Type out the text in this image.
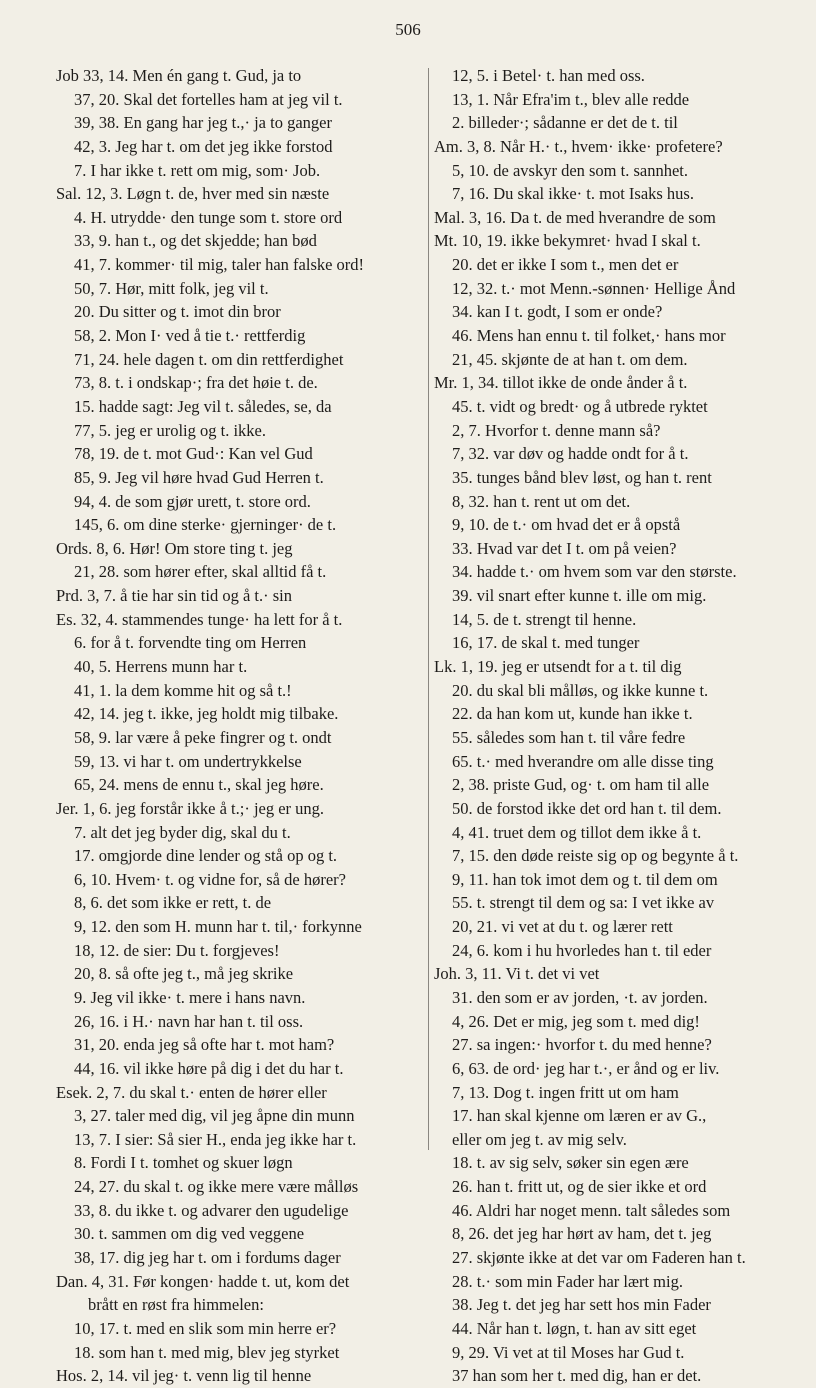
506
Job 33, 14. Men én gang t. Gud, ja to
37, 20. Skal det fortelles ham at jeg vil t.
39, 38. En gang har jeg t.,· ja to ganger
42, 3. Jeg har t. om det jeg ikke forstod
7. I har ikke t. rett om mig, som· Job.
Sal. 12, 3. Løgn t. de, hver med sin næste
4. H. utrydde· den tunge som t. store ord
33, 9. han t., og det skjedde; han bød
41, 7. kommer· til mig, taler han falske ord!
50, 7. Hør, mitt folk, jeg vil t.
20. Du sitter og t. imot din bror
58, 2. Mon I· ved å tie t.· rettferdig
71, 24. hele dagen t. om din rettferdighet
73, 8. t. i ondskap·; fra det høie t. de.
15. hadde sagt: Jeg vil t. således, se, da
77, 5. jeg er urolig og t. ikke.
78, 19. de t. mot Gud·: Kan vel Gud
85, 9. Jeg vil høre hvad Gud Herren t.
94, 4. de som gjør urett, t. store ord.
145, 6. om dine sterke· gjerninger· de t.
Ords. 8, 6. Hør! Om store ting t. jeg
21, 28. som hører efter, skal alltid få t.
Prd. 3, 7. å tie har sin tid og å t.· sin
Es. 32, 4. stammendes tunge· ha lett for å t.
6. for å t. forvendte ting om Herren
40, 5. Herrens munn har t.
41, 1. la dem komme hit og så t.!
42, 14. jeg t. ikke, jeg holdt mig tilbake.
58, 9. lar være å peke fingrer og t. ondt
59, 13. vi har t. om undertrykkelse
65, 24. mens de ennu t., skal jeg høre.
Jer. 1, 6. jeg forstår ikke å t.;· jeg er ung.
7. alt det jeg byder dig, skal du t.
17. omgjorde dine lender og stå op og t.
6, 10. Hvem· t. og vidne for, så de hører?
8, 6. det som ikke er rett, t. de
9, 12. den som H. munn har t. til,· forkynne
18, 12. de sier: Du t. forgjeves!
20, 8. så ofte jeg t., må jeg skrike
9. Jeg vil ikke· t. mere i hans navn.
26, 16. i H.· navn har han t. til oss.
31, 20. enda jeg så ofte har t. mot ham?
44, 16. vil ikke høre på dig i det du har t.
Esek. 2, 7. du skal t.· enten de hører eller
3, 27. taler med dig, vil jeg åpne din munn
13, 7. I sier: Så sier H., enda jeg ikke har t.
8. Fordi I t. tomhet og skuer løgn
24, 27. du skal t. og ikke mere være målløs
33, 8. du ikke t. og advarer den ugudelige
30. t. sammen om dig ved veggene
38, 17. dig jeg har t. om i fordums dager
Dan. 4, 31. Før kongen· hadde t. ut, kom det
brått en røst fra himmelen:
10, 17. t. med en slik som min herre er?
18. som han t. med mig, blev jeg styrket
Hos. 2, 14. vil jeg· t. venn lig til henne
12, 5. i Betel· t. han med oss.
13, 1. Når Efra'im t., blev alle redde
2. billeder·; sådanne er det de t. til
Am. 3, 8. Når H.· t., hvem· ikke· profetere?
5, 10. de avskyr den som t. sannhet.
7, 16. Du skal ikke· t. mot Isaks hus.
Mal. 3, 16. Da t. de med hverandre de som
Mt. 10, 19. ikke bekymret· hvad I skal t.
20. det er ikke I som t., men det er
12, 32. t.· mot Menn.-sønnen· Hellige Ånd
34. kan I t. godt, I som er onde?
46. Mens han ennu t. til folket,· hans mor
21, 45. skjønte de at han t. om dem.
Mr. 1, 34. tillot ikke de onde ånder å t.
45. t. vidt og bredt· og å utbrede ryktet
2, 7. Hvorfor t. denne mann så?
7, 32. var døv og hadde ondt for å t.
35. tunges bånd blev løst, og han t. rent
8, 32. han t. rent ut om det.
9, 10. de t.· om hvad det er å opstå
33. Hvad var det I t. om på veien?
34. hadde t.· om hvem som var den største.
39. vil snart efter kunne t. ille om mig.
14, 5. de t. strengt til henne.
16, 17. de skal t. med tunger
Lk. 1, 19. jeg er utsendt for a t. til dig
20. du skal bli målløs, og ikke kunne t.
22. da han kom ut, kunde han ikke t.
55. således som han t. til våre fedre
65. t.· med hverandre om alle disse ting
2, 38. priste Gud, og· t. om ham til alle
50. de forstod ikke det ord han t. til dem.
4, 41. truet dem og tillot dem ikke å t.
7, 15. den døde reiste sig op og begynte å t.
9, 11. han tok imot dem og t. til dem om
55. t. strengt til dem og sa: I vet ikke av
20, 21. vi vet at du t. og lærer rett
24, 6. kom i hu hvorledes han t. til eder
Joh. 3, 11. Vi t. det vi vet
31. den som er av jorden, ·t. av jorden.
4, 26. Det er mig, jeg som t. med dig!
27. sa ingen:· hvorfor t. du med henne?
6, 63. de ord· jeg har t.·, er ånd og er liv.
7, 13. Dog t. ingen fritt ut om ham
17. han skal kjenne om læren er av G.,
eller om jeg t. av mig selv.
18. t. av sig selv, søker sin egen ære
26. han t. fritt ut, og de sier ikke et ord
46. Aldri har noget menn. talt således som
8, 26. det jeg har hørt av ham, det t. jeg
27. skjønte ikke at det var om Faderen han t.
28. t.· som min Fader har lært mig.
38. Jeg t. det jeg har sett hos min Fader
44. Når han t. løgn, t. han av sitt eget
9, 29. Vi vet at til Moses har Gud t.
37 han som her t. med dig, han er det.
